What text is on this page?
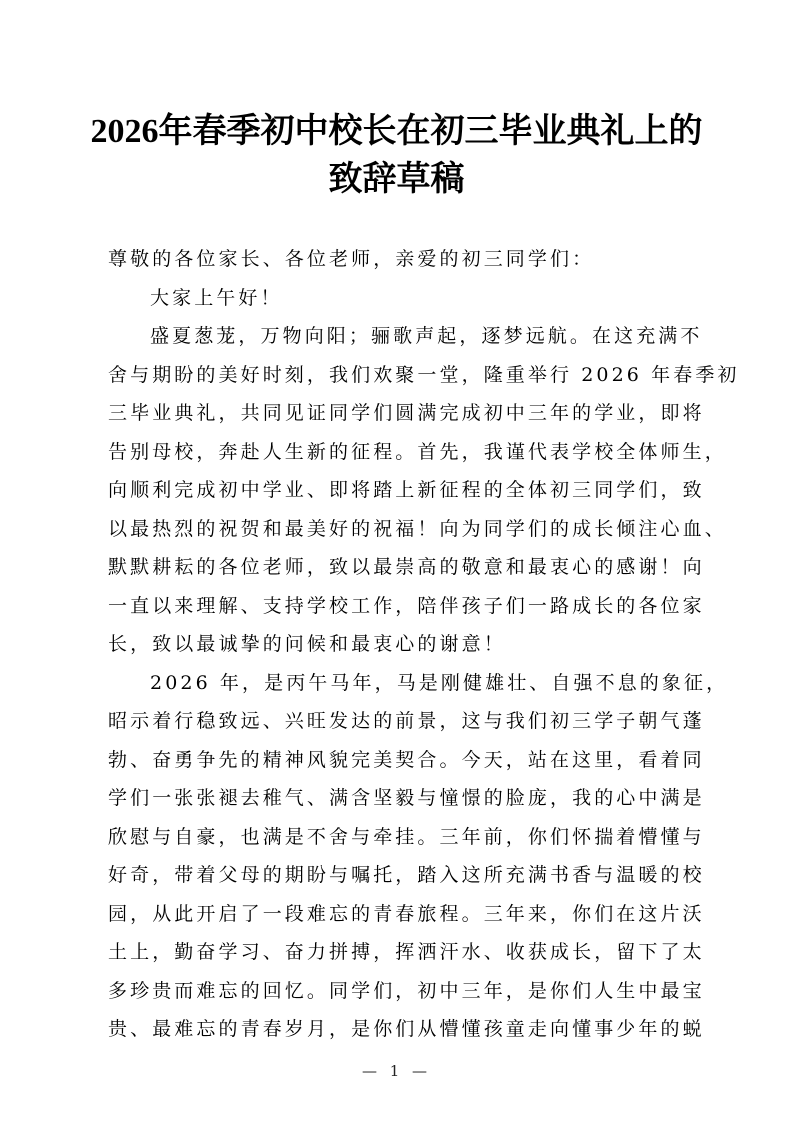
2026年春季初中校长在初三毕业典礼上的
致辞草稿
尊敬的各位家长、各位老师，亲爱的初三同学们：
大家上午好！
盛夏葱茏，万物向阳；骊歌声起，逐梦远航。在这充满不
舍与期盼的美好时刻，我们欢聚一堂，隆重举行 2026 年春季初
三毕业典礼，共同见证同学们圆满完成初中三年的学业，即将
告别母校，奔赴人生新的征程。首先，我谨代表学校全体师生，
向顺利完成初中学业、即将踏上新征程的全体初三同学们，致
以最热烈的祝贺和最美好的祝福！向为同学们的成长倾注心血、
默默耕耘的各位老师，致以最崇高的敬意和最衷心的感谢！向
一直以来理解、支持学校工作，陪伴孩子们一路成长的各位家
长，致以最诚挚的问候和最衷心的谢意！
2026 年，是丙午马年，马是刚健雄壮、自强不息的象征，
昭示着行稳致远、兴旺发达的前景，这与我们初三学子朝气蓬
勃、奋勇争先的精神风貌完美契合。今天，站在这里，看着同
学们一张张褪去稚气、满含坚毅与憧憬的脸庞，我的心中满是
欣慰与自豪，也满是不舍与牵挂。三年前，你们怀揣着懵懂与
好奇，带着父母的期盼与嘱托，踏入这所充满书香与温暖的校
园，从此开启了一段难忘的青春旅程。三年来，你们在这片沃
土上，勤奋学习、奋力拼搏，挥洒汗水、收获成长，留下了太
多珍贵而难忘的回忆。同学们，初中三年，是你们人生中最宝
贵、最难忘的青春岁月，是你们从懵懂孩童走向懂事少年的蜕
— 1 —
